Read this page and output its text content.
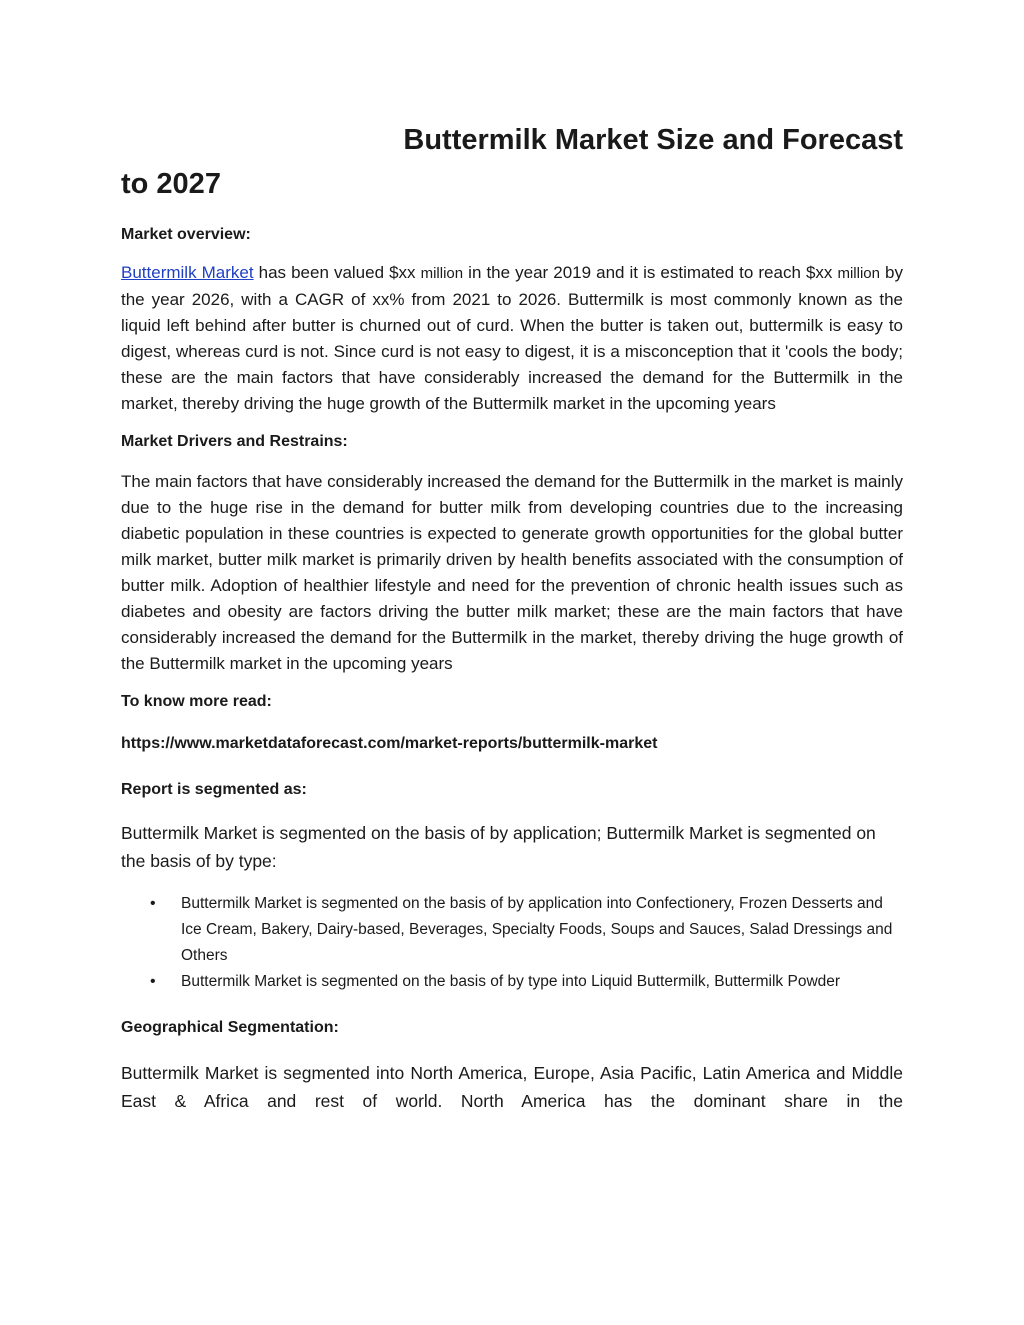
Buttermilk Market Size and Forecast
to 2027

Market overview:

Buttermilk Market has been valued $xx million in the year 2019 and it is estimated to reach $xx million by the year 2026, with a CAGR of xx% from 2021 to 2026. Buttermilk is most commonly known as the liquid left behind after butter is churned out of curd. When the butter is taken out, buttermilk is easy to digest, whereas curd is not. Since curd is not easy to digest, it is a misconception that it 'cools the body; these are the main factors that have considerably increased the demand for the Buttermilk in the market, thereby driving the huge growth of the Buttermilk market in the upcoming years

Market Drivers and Restrains:

The main factors that have considerably increased the demand for the Buttermilk in the market is mainly due to the huge rise in the demand for butter milk from developing countries due to the increasing diabetic population in these countries is expected to generate growth opportunities for the global butter milk market, butter milk market is primarily driven by health benefits associated with the consumption of butter milk. Adoption of healthier lifestyle and need for the prevention of chronic health issues such as diabetes and obesity are factors driving the butter milk market; these are the main factors that have considerably increased the demand for the Buttermilk in the market, thereby driving the huge growth of the Buttermilk market in the upcoming years

To know more read:

https://www.marketdataforecast.com/market-reports/buttermilk-market

Report is segmented as:

Buttermilk Market is segmented on the basis of by application; Buttermilk Market is segmented on the basis of by type:

• Buttermilk Market is segmented on the basis of by application into Confectionery, Frozen Desserts and Ice Cream, Bakery, Dairy-based, Beverages, Specialty Foods, Soups and Sauces, Salad Dressings and Others
• Buttermilk Market is segmented on the basis of by type into Liquid Buttermilk, Buttermilk Powder

Geographical Segmentation:

Buttermilk Market is segmented into North America, Europe, Asia Pacific, Latin America and Middle East & Africa and rest of world. North America has the dominant share in the
